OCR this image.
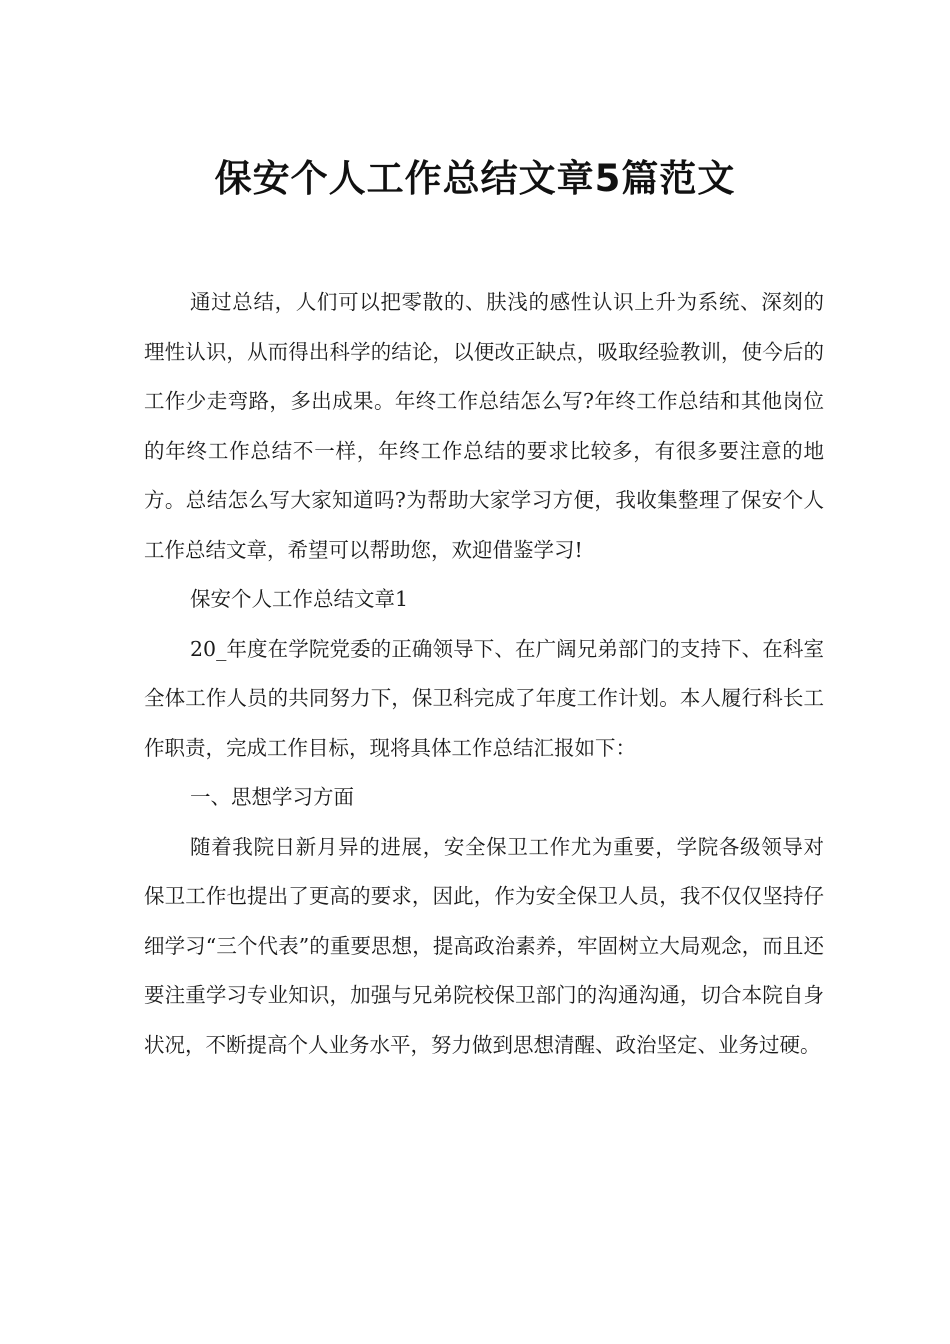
保安个人工作总结文章5篇范文

通过总结，人们可以把零散的、肤浅的感性认识上升为系统、深刻的理性认识，从而得出科学的结论，以便改正缺点，吸取经验教训，使今后的工作少走弯路，多出成果。年终工作总结怎么写?年终工作总结和其他岗位的年终工作总结不一样，年终工作总结的要求比较多，有很多要注意的地方。总结怎么写大家知道吗?为帮助大家学习方便，我收集整理了保安个人工作总结文章，希望可以帮助您，欢迎借鉴学习!

保安个人工作总结文章1

20_年度在学院党委的正确领导下、在广阔兄弟部门的支持下、在科室全体工作人员的共同努力下，保卫科完成了年度工作计划。本人履行科长工作职责，完成工作目标，现将具体工作总结汇报如下：

一、思想学习方面

随着我院日新月异的进展，安全保卫工作尤为重要，学院各级领导对保卫工作也提出了更高的要求，因此，作为安全保卫人员，我不仅仅坚持仔细学习“三个代表”的重要思想，提高政治素养，牢固树立大局观念，而且还要注重学习专业知识，加强与兄弟院校保卫部门的沟通沟通，切合本院自身状况，不断提高个人业务水平，努力做到思想清醒、政治坚定、业务过硬。
